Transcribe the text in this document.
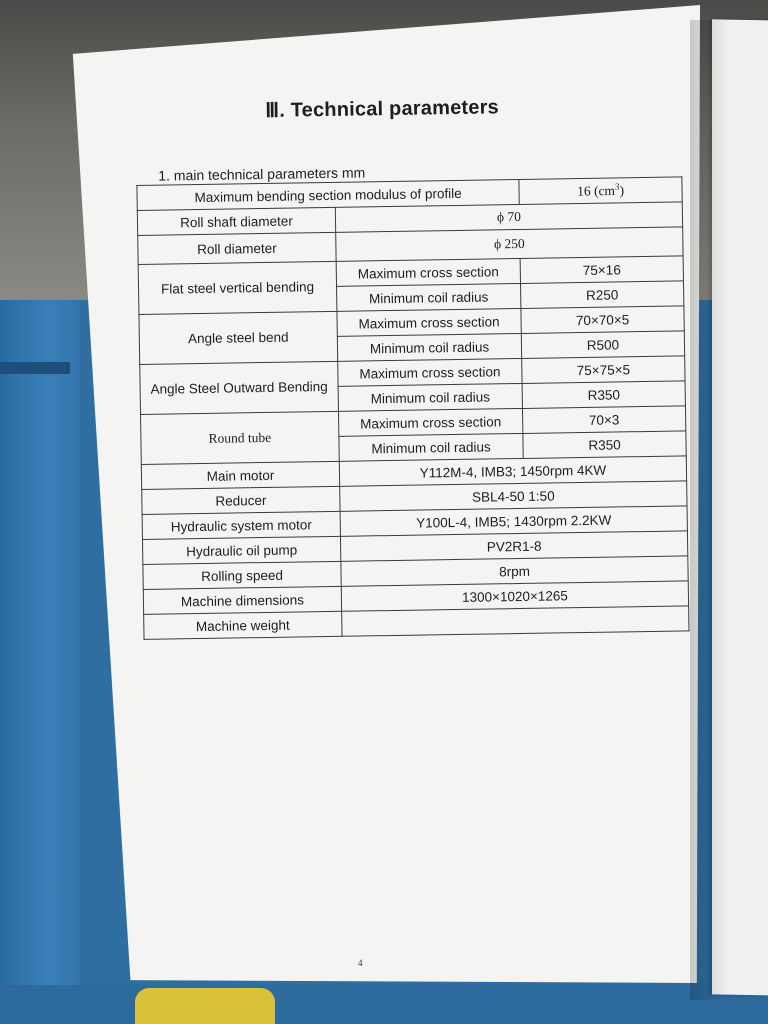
Ⅲ. Technical parameters
1. main technical parameters mm
Maximum bending section modulus of profile		16 $(cm^3)$
Roll shaft diameter	ϕ 70	
Roll diameter	ϕ 250	
Flat steel vertical bending	Maximum cross section	75×16
	Minimum coil radius	R250
Angle steel bend	Maximum cross section	70×70×5
	Minimum coil radius	R500
Angle Steel Outward Bending	Maximum cross section	75×75×5
	Minimum coil radius	R350
Round tube	Maximum cross section	70×3
	Minimum coil radius	R350
Main motor	Y112M-4, IMB3; 1450rpm 4KW	
Reducer	SBL4-50 1:50	
Hydraulic system motor	Y100L-4, IMB5; 1430rpm 2.2KW	
Hydraulic oil pump	PV2R1-8	
Rolling speed	8rpm	
Machine dimensions	1300×1020×1265	
Machine weight		
4
